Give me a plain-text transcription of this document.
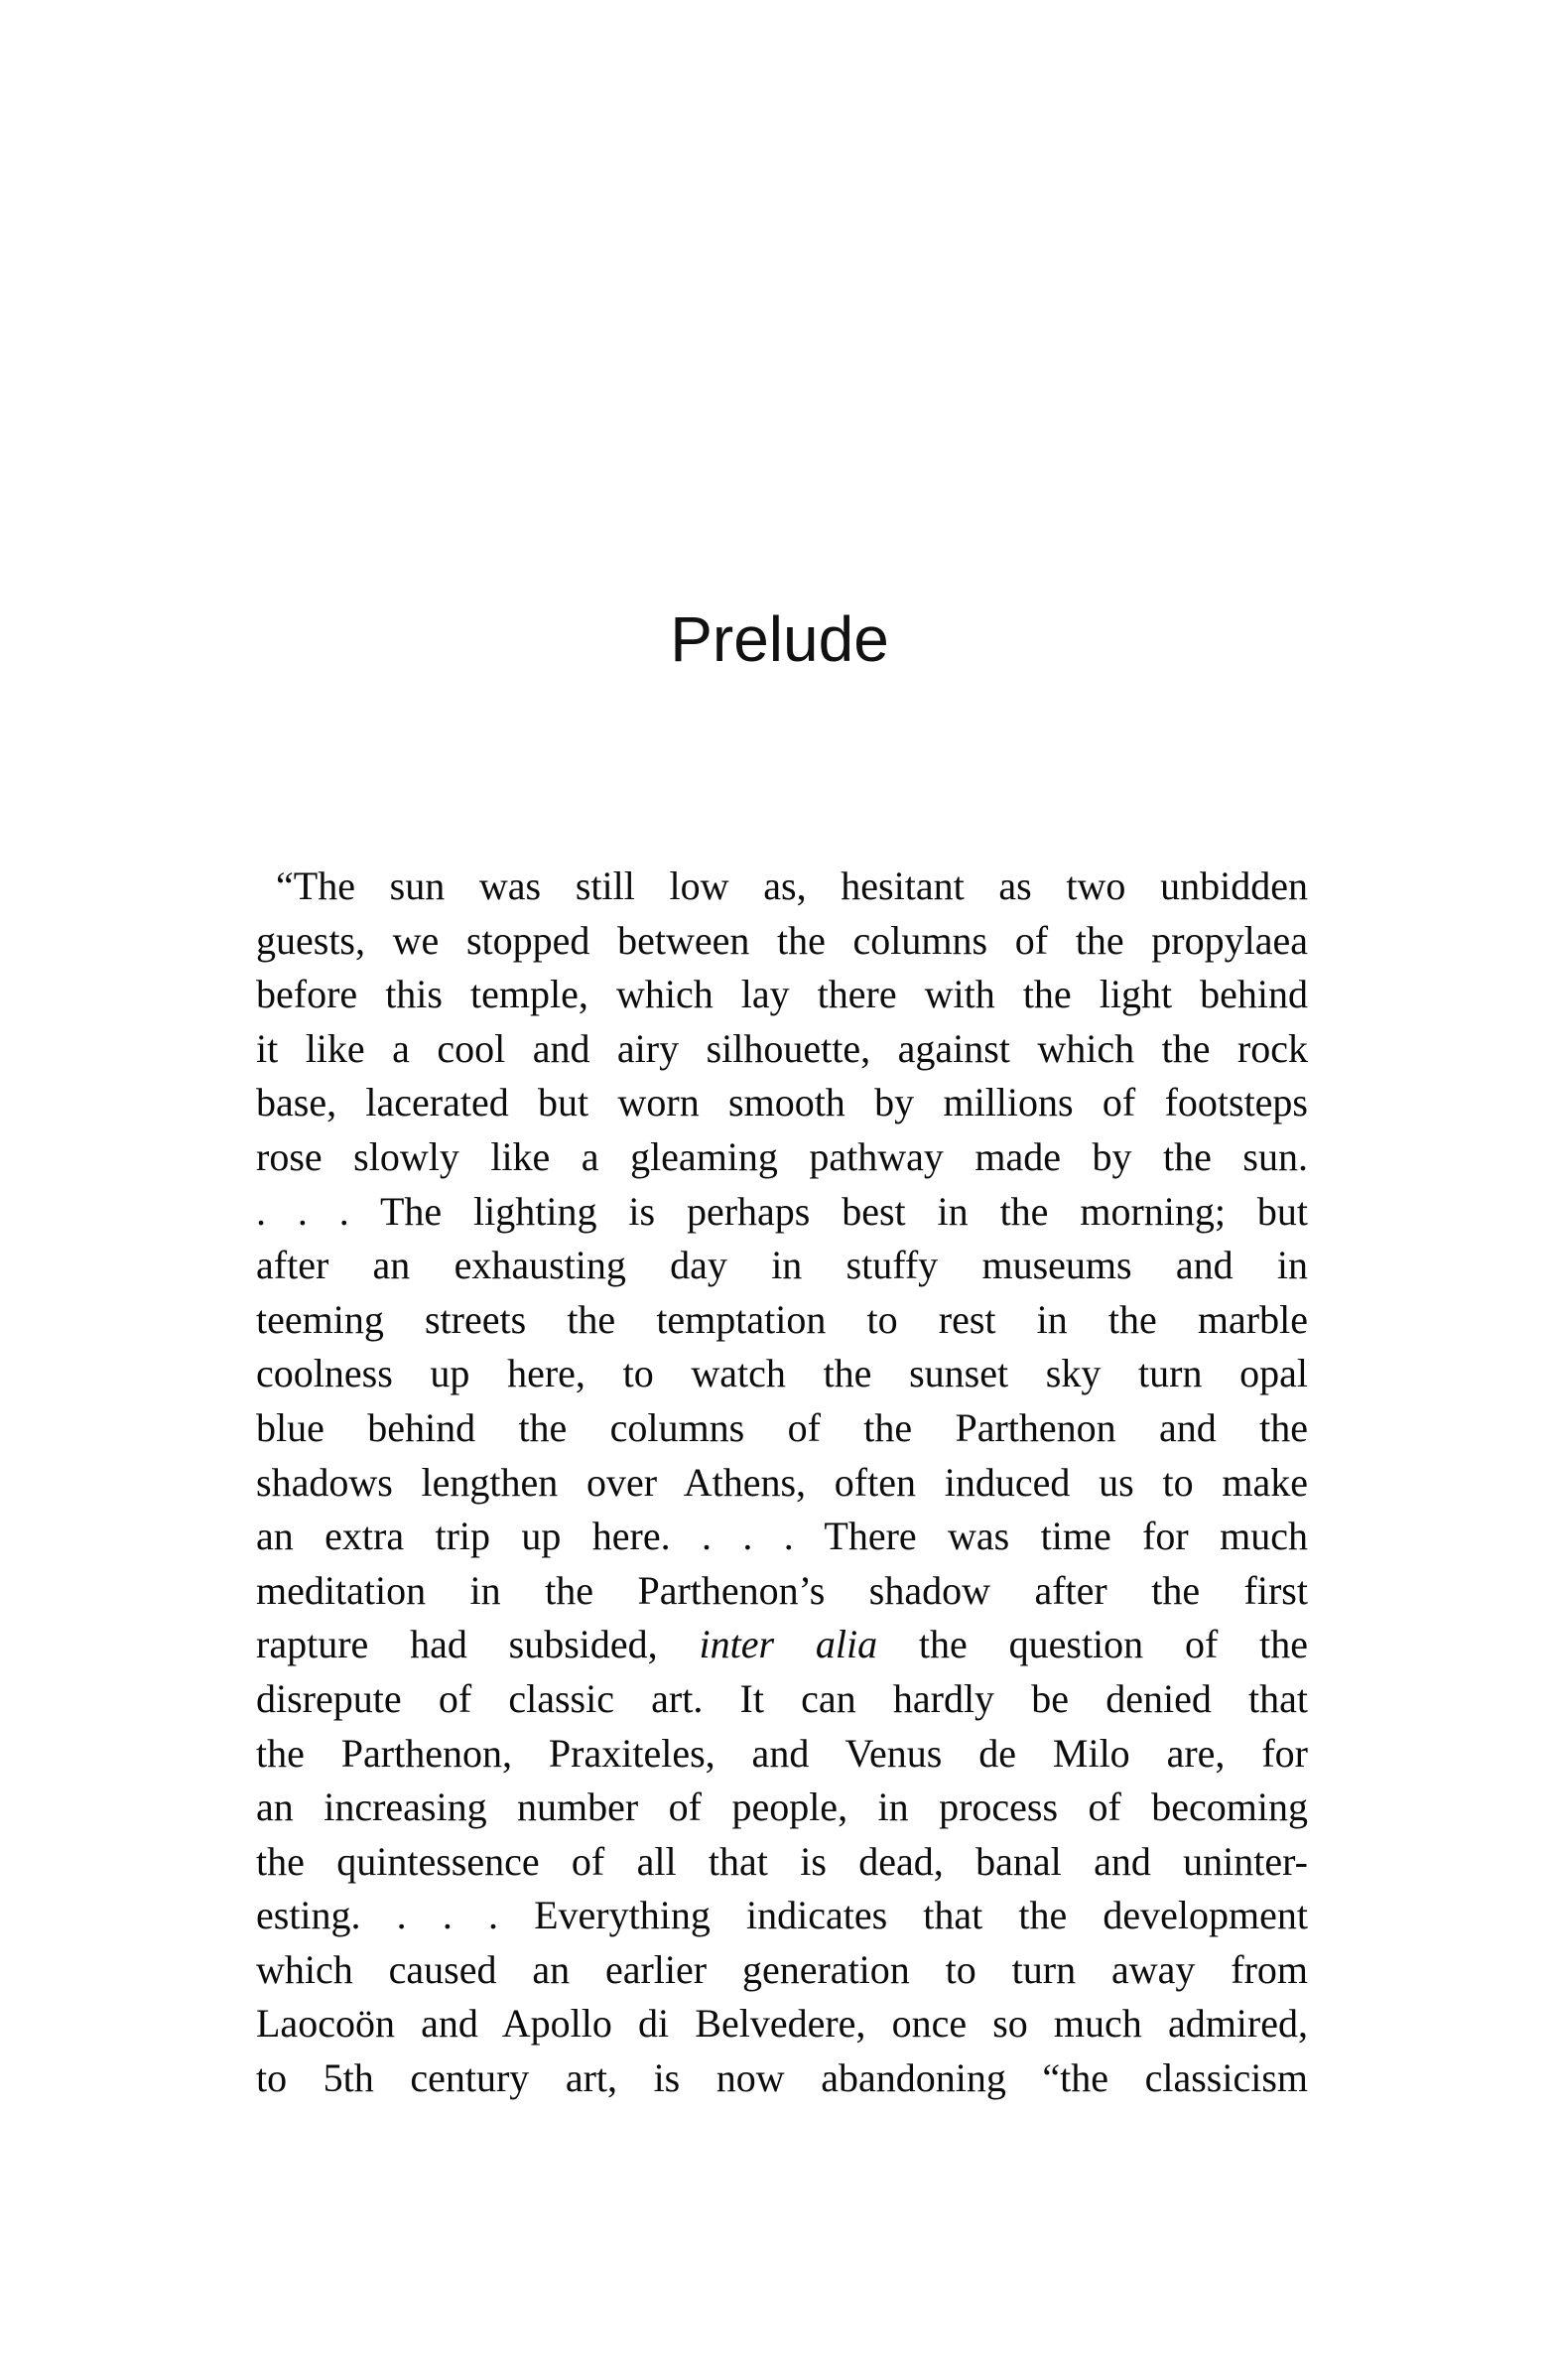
Prelude
“The sun was still low as, hesitant as two unbidden
guests, we stopped between the columns of the propylaea
before this temple, which lay there with the light behind
it like a cool and airy silhouette, against which the rock
base, lacerated but worn smooth by millions of footsteps
rose slowly like a gleaming pathway made by the sun.
. . . The lighting is perhaps best in the morning; but
after an exhausting day in stuffy museums and in
teeming streets the temptation to rest in the marble
coolness up here, to watch the sunset sky turn opal
blue behind the columns of the Parthenon and the
shadows lengthen over Athens, often induced us to make
an extra trip up here. . . . There was time for much
meditation in the Parthenon’s shadow after the first
rapture had subsided, inter alia the question of the
disrepute of classic art. It can hardly be denied that
the Parthenon, Praxiteles, and Venus de Milo are, for
an increasing number of people, in process of becoming
the quintessence of all that is dead, banal and uninter-
esting. . . . Everything indicates that the development
which caused an earlier generation to turn away from
Laocoön and Apollo di Belvedere, once so much admired,
to 5th century art, is now abandoning “the classicism
